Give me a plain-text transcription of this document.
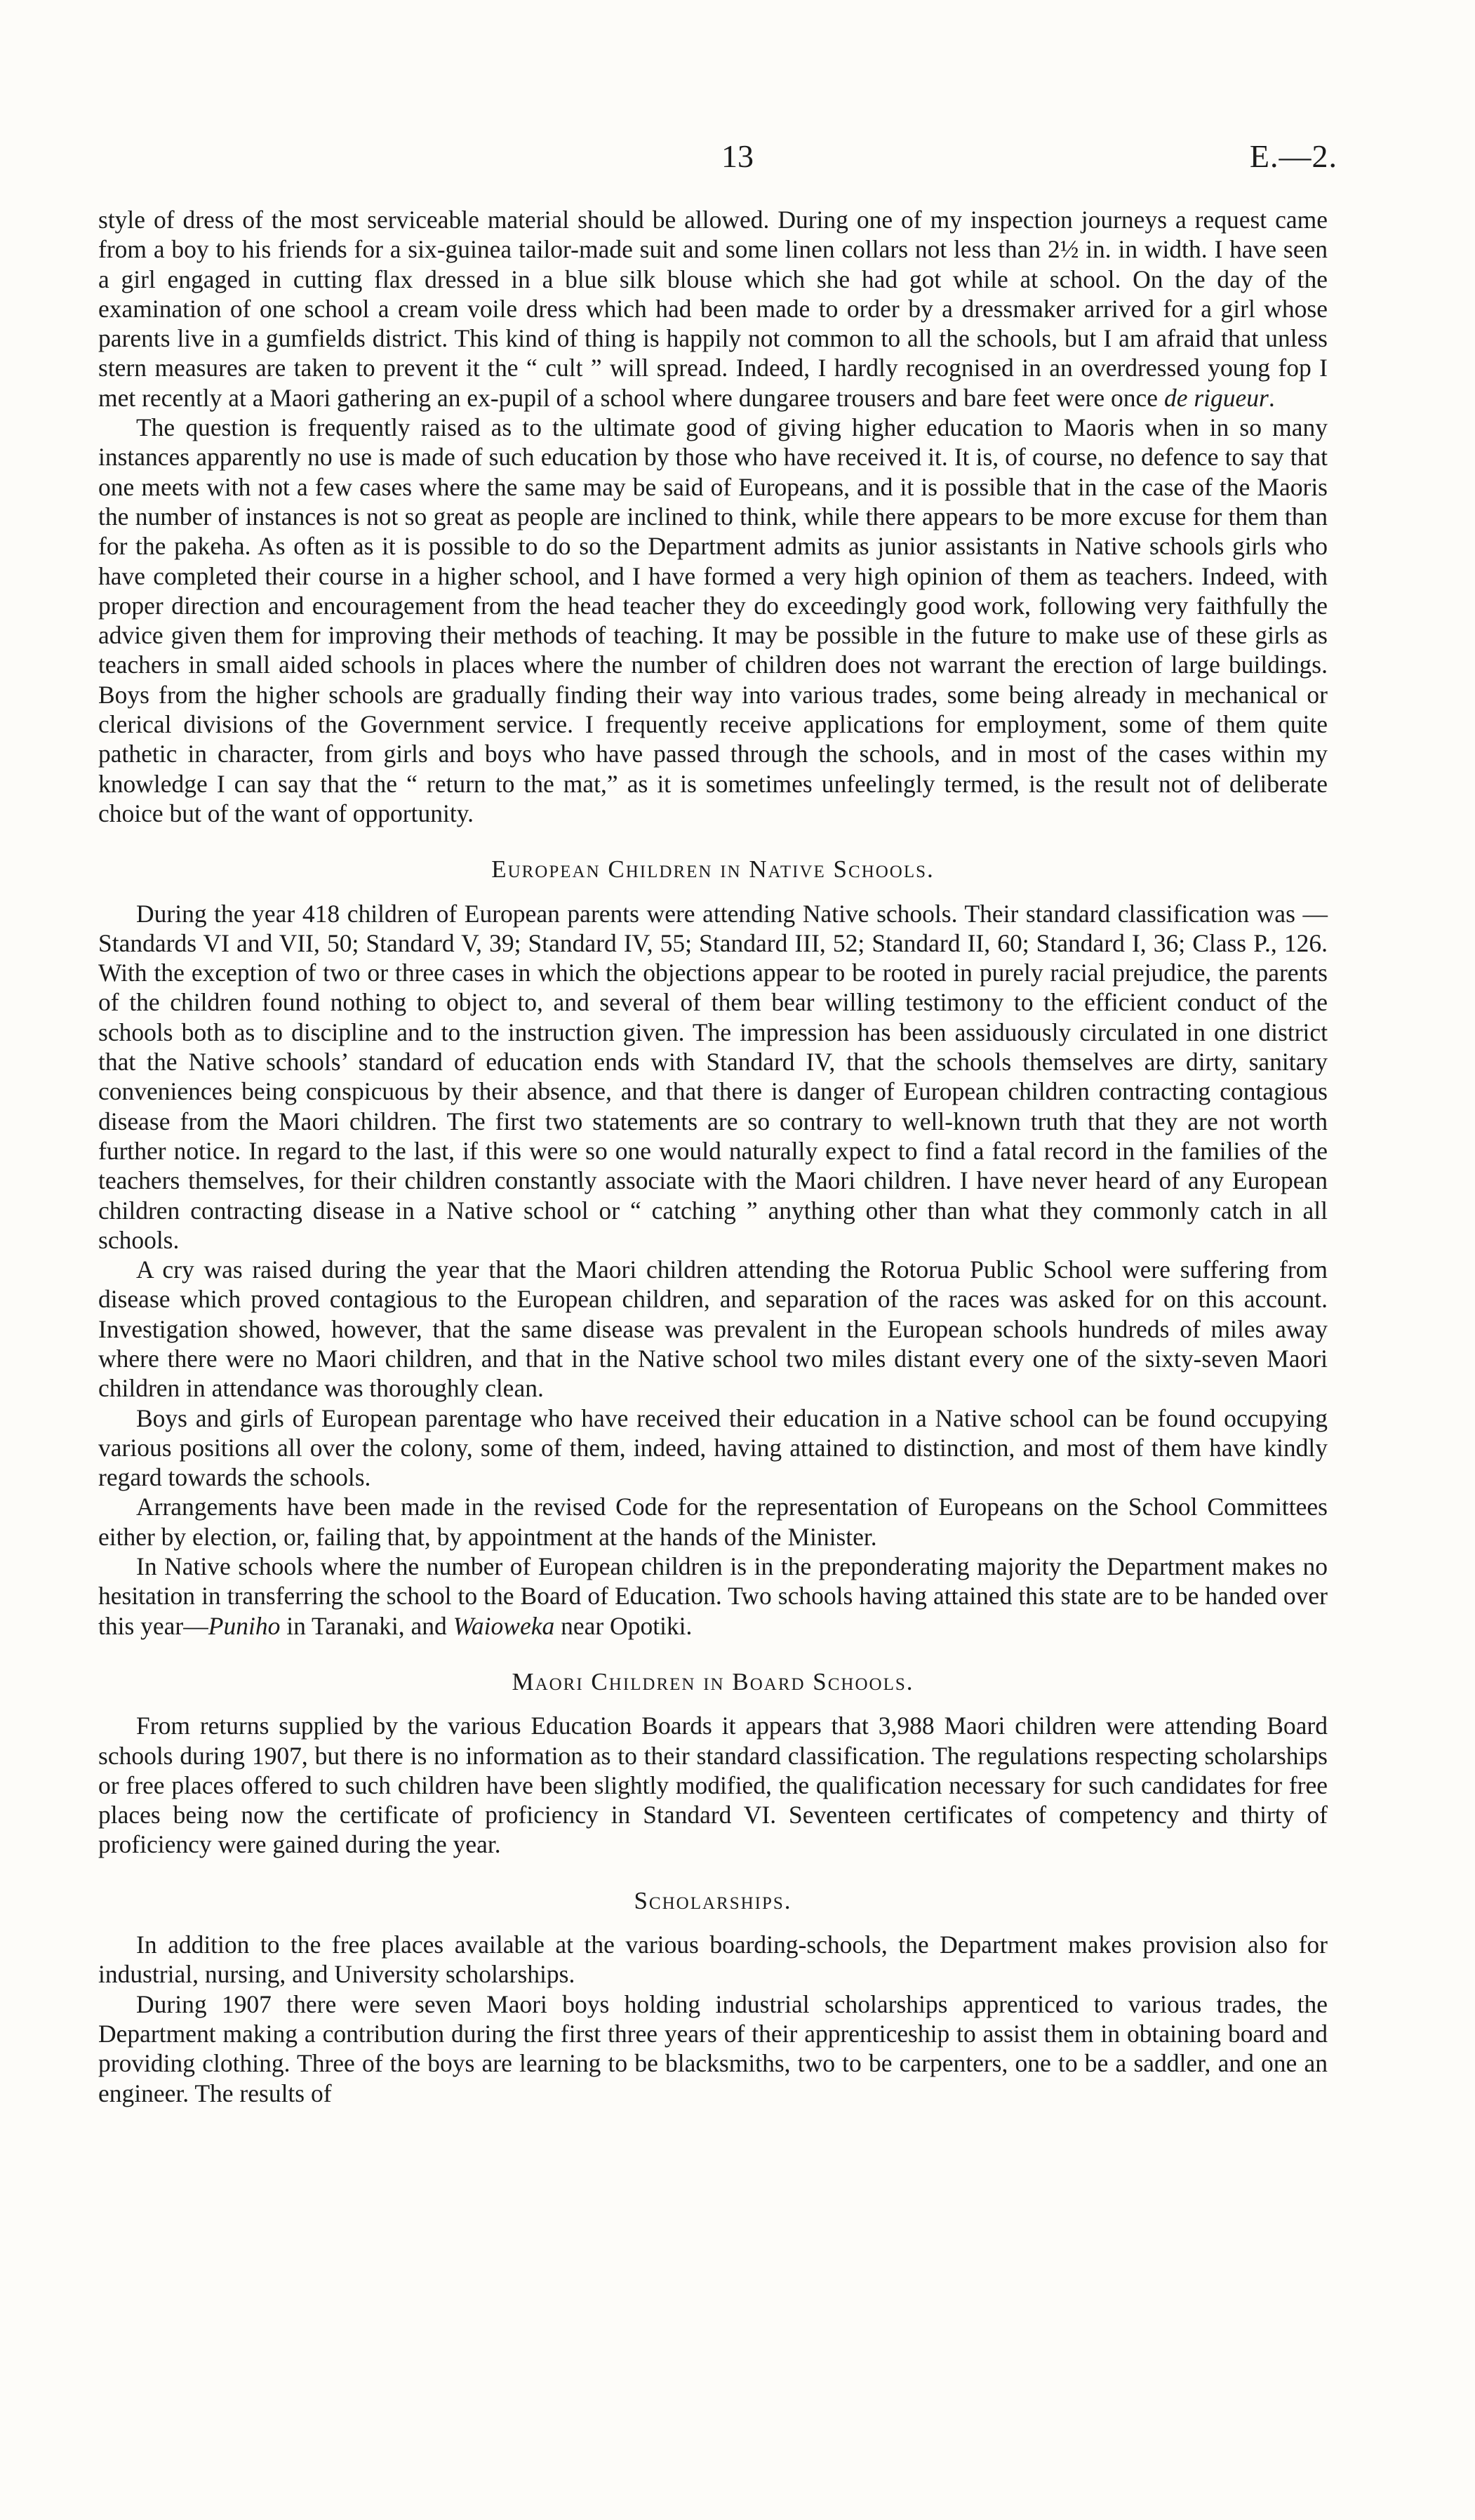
13	E.—2.

style of dress of the most serviceable material should be allowed. During one of my inspection journeys a request came from a boy to his friends for a six-guinea tailor-made suit and some linen collars not less than 2½ in. in width. I have seen a girl engaged in cutting flax dressed in a blue silk blouse which she had got while at school. On the day of the examination of one school a cream voile dress which had been made to order by a dressmaker arrived for a girl whose parents live in a gumfields district. This kind of thing is happily not common to all the schools, but I am afraid that unless stern measures are taken to prevent it the “ cult ” will spread. Indeed, I hardly recognised in an overdressed young fop I met recently at a Maori gathering an ex-pupil of a school where dungaree trousers and bare feet were once de rigueur.

The question is frequently raised as to the ultimate good of giving higher education to Maoris when in so many instances apparently no use is made of such education by those who have received it. It is, of course, no defence to say that one meets with not a few cases where the same may be said of Europeans, and it is possible that in the case of the Maoris the number of instances is not so great as people are inclined to think, while there appears to be more excuse for them than for the pakeha. As often as it is possible to do so the Department admits as junior assistants in Native schools girls who have completed their course in a higher school, and I have formed a very high opinion of them as teachers. Indeed, with proper direction and encouragement from the head teacher they do exceedingly good work, following very faithfully the advice given them for improving their methods of teaching. It may be possible in the future to make use of these girls as teachers in small aided schools in places where the number of children does not warrant the erection of large buildings. Boys from the higher schools are gradually finding their way into various trades, some being already in mechanical or clerical divisions of the Government service. I frequently receive applications for employment, some of them quite pathetic in character, from girls and boys who have passed through the schools, and in most of the cases within my knowledge I can say that the “ return to the mat,” as it is sometimes unfeelingly termed, is the result not of deliberate choice but of the want of opportunity.

European Children in Native Schools.

During the year 418 children of European parents were attending Native schools. Their standard classification was — Standards VI and VII, 50; Standard V, 39; Standard IV, 55; Standard III, 52; Standard II, 60; Standard I, 36; Class P., 126. With the exception of two or three cases in which the objections appear to be rooted in purely racial prejudice, the parents of the children found nothing to object to, and several of them bear willing testimony to the efficient conduct of the schools both as to discipline and to the instruction given. The impression has been assiduously circulated in one district that the Native schools’ standard of education ends with Standard IV, that the schools themselves are dirty, sanitary conveniences being conspicuous by their absence, and that there is danger of European children contracting contagious disease from the Maori children. The first two statements are so contrary to well-known truth that they are not worth further notice. In regard to the last, if this were so one would naturally expect to find a fatal record in the families of the teachers themselves, for their children constantly associate with the Maori children. I have never heard of any European children contracting disease in a Native school or “ catching ” anything other than what they commonly catch in all schools.

A cry was raised during the year that the Maori children attending the Rotorua Public School were suffering from disease which proved contagious to the European children, and separation of the races was asked for on this account. Investigation showed, however, that the same disease was prevalent in the European schools hundreds of miles away where there were no Maori children, and that in the Native school two miles distant every one of the sixty-seven Maori children in attendance was thoroughly clean.

Boys and girls of European parentage who have received their education in a Native school can be found occupying various positions all over the colony, some of them, indeed, having attained to distinction, and most of them have kindly regard towards the schools.

Arrangements have been made in the revised Code for the representation of Europeans on the School Committees either by election, or, failing that, by appointment at the hands of the Minister.

In Native schools where the number of European children is in the preponderating majority the Department makes no hesitation in transferring the school to the Board of Education. Two schools having attained this state are to be handed over this year—Puniho in Taranaki, and Waioweka near Opotiki.

Maori Children in Board Schools.

From returns supplied by the various Education Boards it appears that 3,988 Maori children were attending Board schools during 1907, but there is no information as to their standard classification. The regulations respecting scholarships or free places offered to such children have been slightly modified, the qualification necessary for such candidates for free places being now the certificate of proficiency in Standard VI. Seventeen certificates of competency and thirty of proficiency were gained during the year.

Scholarships.

In addition to the free places available at the various boarding-schools, the Department makes provision also for industrial, nursing, and University scholarships.

During 1907 there were seven Maori boys holding industrial scholarships apprenticed to various trades, the Department making a contribution during the first three years of their apprenticeship to assist them in obtaining board and providing clothing. Three of the boys are learning to be blacksmiths, two to be carpenters, one to be a saddler, and one an engineer. The results of
